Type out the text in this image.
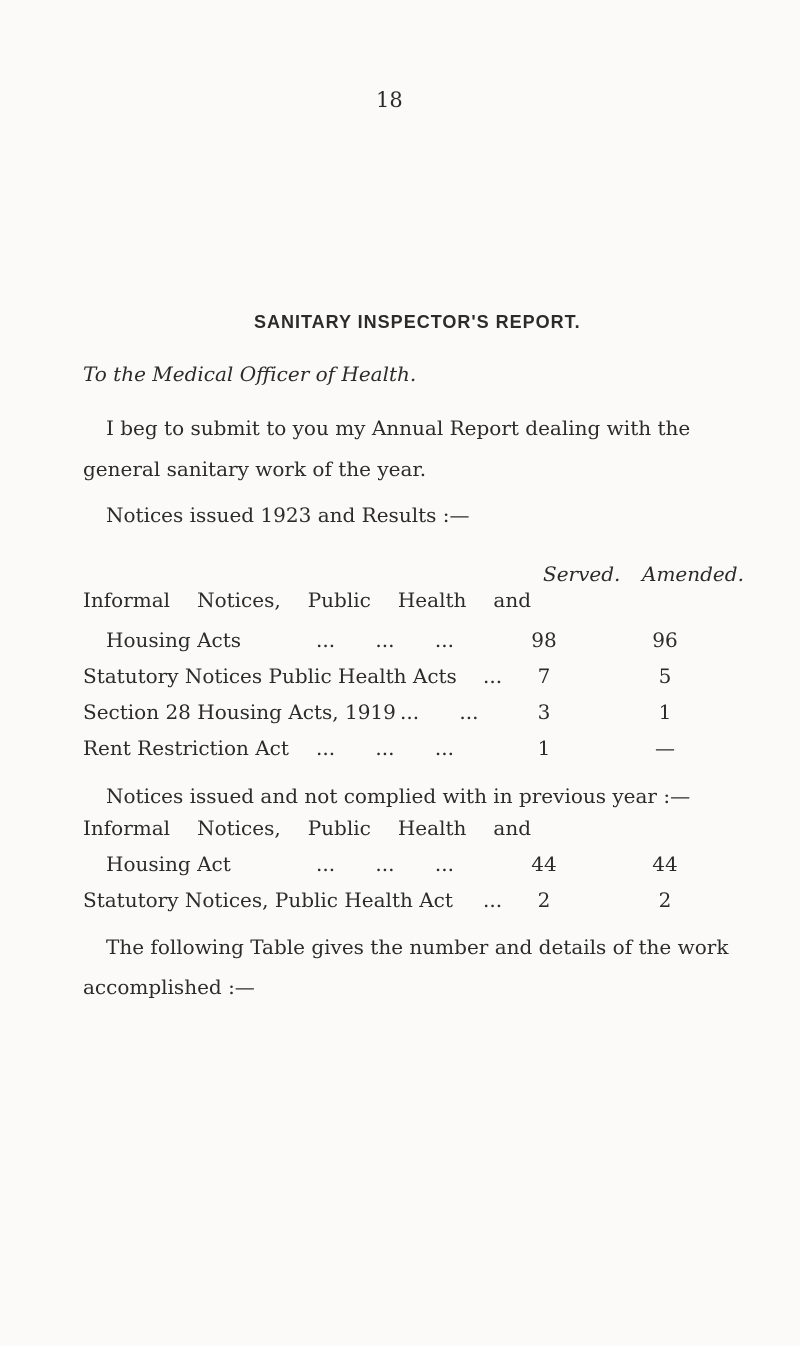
18
SANITARY INSPECTOR'S REPORT.
To the Medical Officer of Health.
I beg to submit to you my Annual Report dealing with the general sanitary work of the year.
Notices issued 1923 and Results :—
Served. Amended.
Informal Notices, Public Health and
Housing Acts	... ... ...	98	96
Statutory Notices Public Health Acts ...	7	5
Section 28 Housing Acts, 1919 ... ...	3	1
Rent Restriction Act ... ... ...	1	—
Notices issued and not complied with in previous year :—
Informal Notices, Public Health and
Housing Act	... ... ...	44	44
Statutory Notices, Public Health Act ...	2	2
The following Table gives the number and details of the work accomplished :—
